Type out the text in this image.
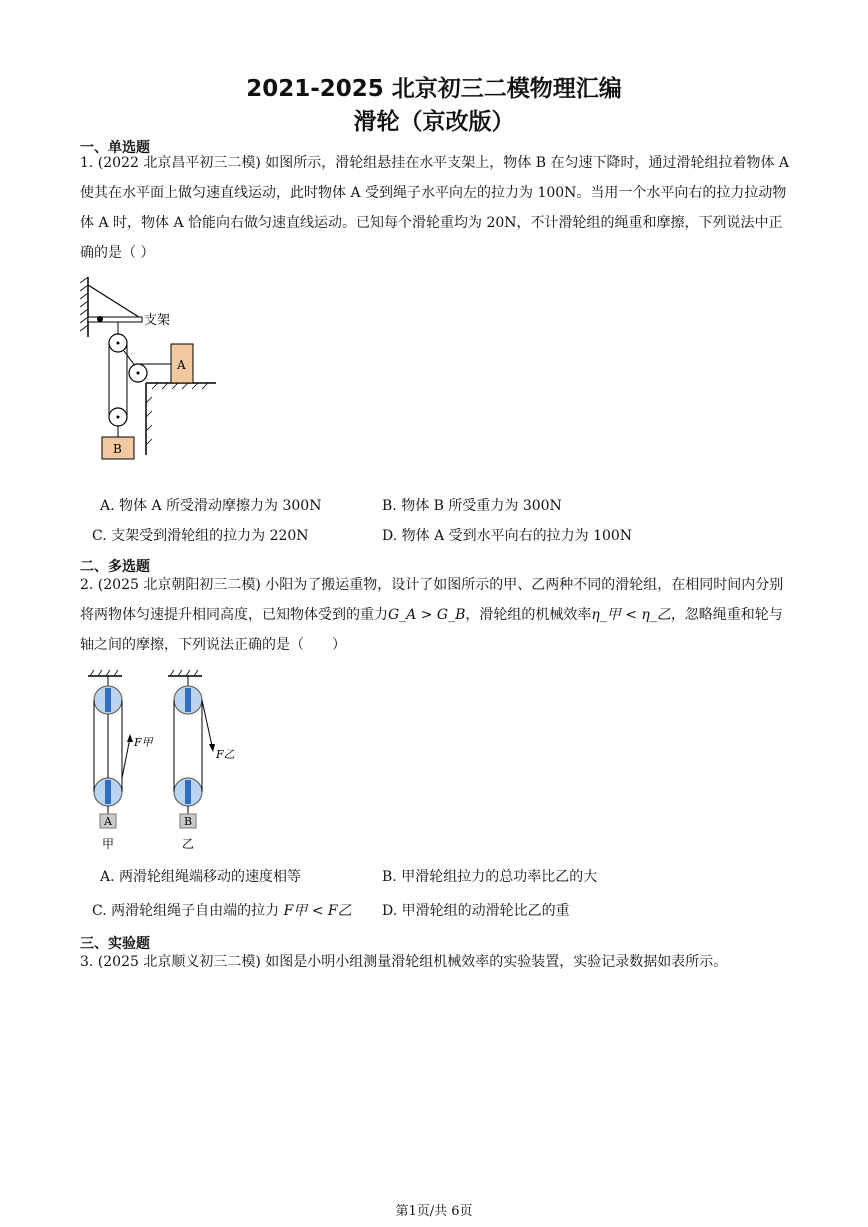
2021-2025 北京初三二模物理汇编
滑轮（京改版）
一、单选题
1. (2022 北京昌平初三二模) 如图所示，滑轮组悬挂在水平支架上，物体 B 在匀速下降时，通过滑轮组拉着物体 A 使其在水平面上做匀速直线运动，此时物体 A 受到绳子水平向左的拉力为 100N。当用一个水平向右的拉力拉动物体 A 时，物体 A 恰能向右做匀速直线运动。已知每个滑轮重均为 20N，不计滑轮组的绳重和摩擦，下列说法中正确的是（ ）
支架
A
B
A. 物体 A 所受滑动摩擦力为 300N	B. 物体 B 所受重力为 300N
C. 支架受到滑轮组的拉力为 220N	D. 物体 A 受到水平向右的拉力为 100N
二、多选题
2. (2025 北京朝阳初三二模) 小阳为了搬运重物，设计了如图所示的甲、乙两种不同的滑轮组，在相同时间内分别将两物体匀速提升相同高度，已知物体受到的重力G_A > G_B，滑轮组的机械效率η_甲 < η_乙，忽略绳重和轮与轴之间的摩擦，下列说法正确的是（　　）
F甲
A
甲
F乙
B
乙
A. 两滑轮组绳端移动的速度相等	B. 甲滑轮组拉力的总功率比乙的大
C. 两滑轮组绳子自由端的拉力 F甲 < F乙 D. 甲滑轮组的动滑轮比乙的重
三、实验题
3. (2025 北京顺义初三二模) 如图是小明小组测量滑轮组机械效率的实验装置，实验记录数据如表所示。
第1页/共 6页
